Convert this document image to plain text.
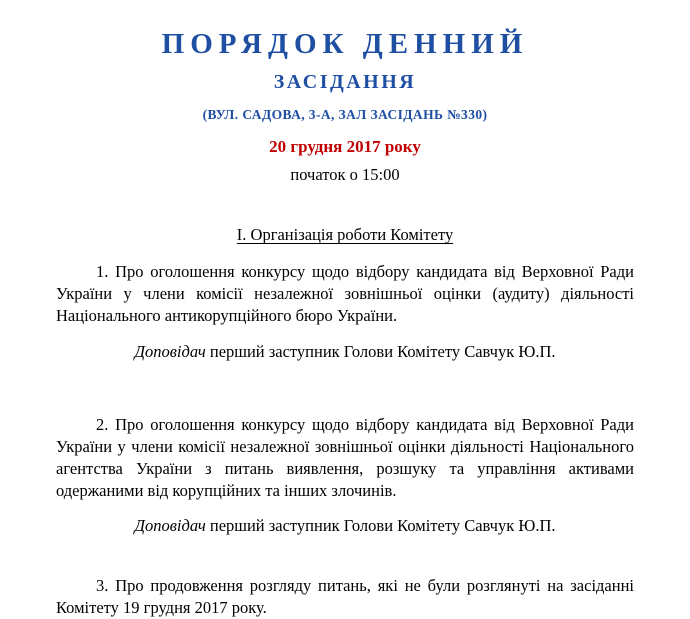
ПОРЯДОК ДЕННИЙ
ЗАСІДАННЯ
(ВУЛ. САДОВА, 3-А, ЗАЛ ЗАСІДАНЬ №330)
20 грудня 2017 року
початок о 15:00
І. Організація роботи Комітету

1. Про оголошення конкурсу щодо відбору кандидата від Верховної Ради України у члени комісії незалежної зовнішньої оцінки (аудиту) діяльності Національного антикорупційного бюро України.

Доповідач перший заступник Голови Комітету Савчук Ю.П.

2. Про оголошення конкурсу щодо відбору кандидата від Верховної Ради України у члени комісії незалежної зовнішньої оцінки діяльності Національного агентства України з питань виявлення, розшуку та управління активами одержаними від корупційних та інших злочинів.

Доповідач перший заступник Голови Комітету Савчук Ю.П.

3. Про продовження розгляду питань, які не були розглянуті на засіданні Комітету 19 грудня 2017 року.
